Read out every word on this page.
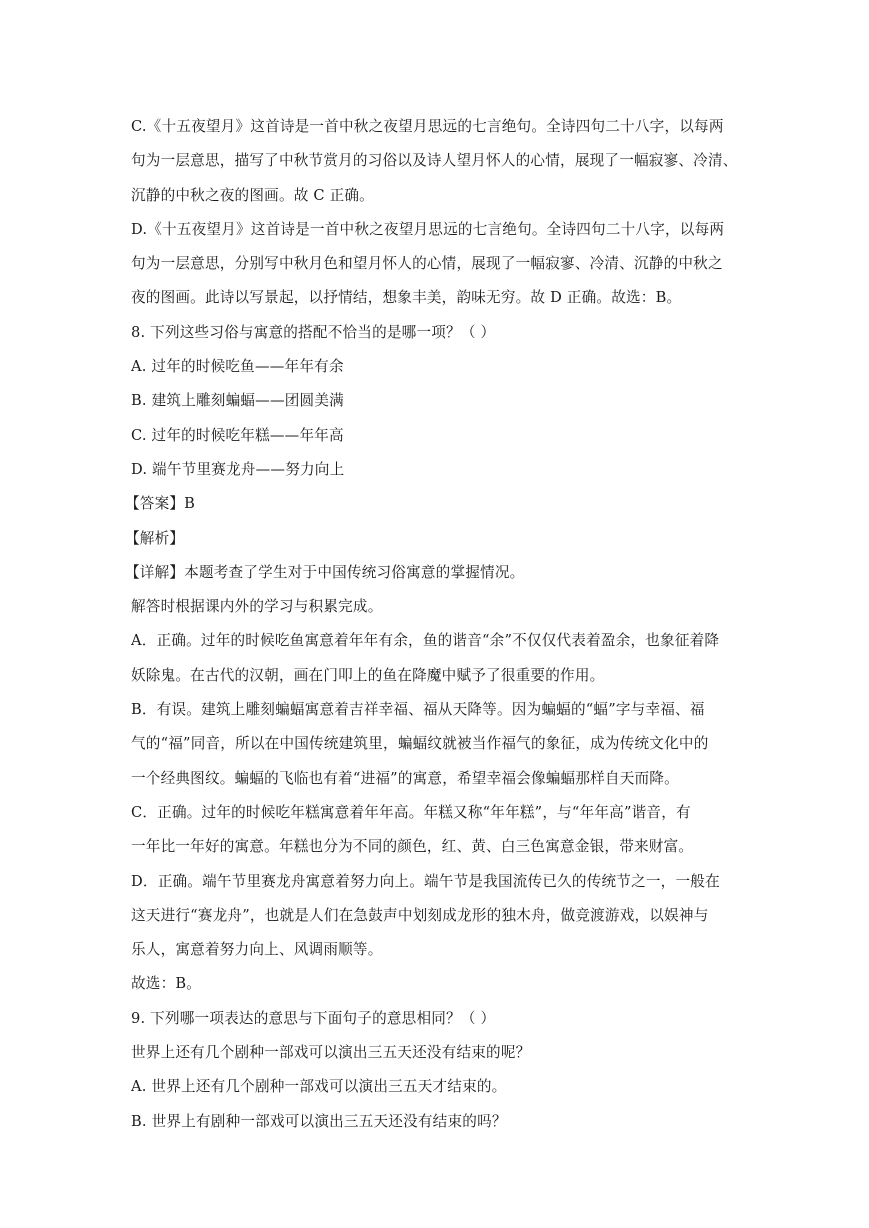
C.《十五夜望月》这首诗是一首中秋之夜望月思远的七言绝句。全诗四句二十八字，以每两
句为一层意思，描写了中秋节赏月的习俗以及诗人望月怀人的心情，展现了一幅寂寥、冷清、
沉静的中秋之夜的图画。故 C 正确。
D.《十五夜望月》这首诗是一首中秋之夜望月思远的七言绝句。全诗四句二十八字，以每两
句为一层意思，分别写中秋月色和望月怀人的心情，展现了一幅寂寥、冷清、沉静的中秋之
夜的图画。此诗以写景起，以抒情结，想象丰美，韵味无穷。故 D 正确。故选：B。
8. 下列这些习俗与寓意的搭配不恰当的是哪一项？（ ）
A. 过年的时候吃鱼——年年有余
B. 建筑上雕刻蝙蝠——团圆美满
C. 过年的时候吃年糕——年年高
D. 端午节里赛龙舟——努力向上
【答案】B
【解析】
【详解】本题考查了学生对于中国传统习俗寓意的掌握情况。
解答时根据课内外的学习与积累完成。
A．正确。过年的时候吃鱼寓意着年年有余，鱼的谐音“余”不仅仅代表着盈余，也象征着降
妖除鬼。在古代的汉朝，画在门叩上的鱼在降魔中赋予了很重要的作用。
B．有误。建筑上雕刻蝙蝠寓意着吉祥幸福、福从天降等。因为蝙蝠的“蝠”字与幸福、福
气的“福”同音，所以在中国传统建筑里，蝙蝠纹就被当作福气的象征，成为传统文化中的
一个经典图纹。蝙蝠的飞临也有着“进福”的寓意，希望幸福会像蝙蝠那样自天而降。
C．正确。过年的时候吃年糕寓意着年年高。年糕又称“年年糕”，与“年年高”谐音，有
一年比一年好的寓意。年糕也分为不同的颜色，红、黄、白三色寓意金银，带来财富。
D．正确。端午节里赛龙舟寓意着努力向上。端午节是我国流传已久的传统节之一，一般在
这天进行“赛龙舟”，也就是人们在急鼓声中划刻成龙形的独木舟，做竞渡游戏，以娱神与
乐人，寓意着努力向上、风调雨顺等。
故选：B。
9. 下列哪一项表达的意思与下面句子的意思相同？（ ）
世界上还有几个剧种一部戏可以演出三五天还没有结束的呢？
A. 世界上还有几个剧种一部戏可以演出三五天才结束的。
B. 世界上有剧种一部戏可以演出三五天还没有结束的吗？
